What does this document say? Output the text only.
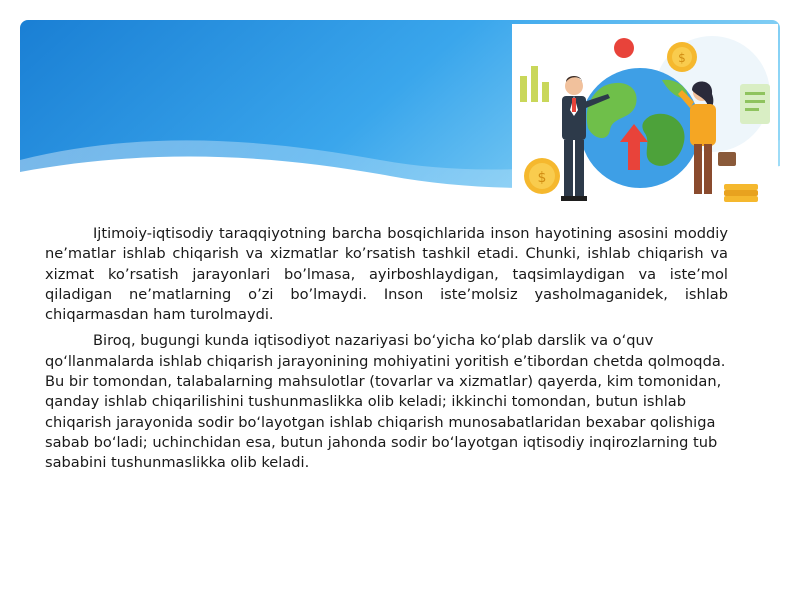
$
$

Ijtimoiy-iqtisodiy taraqqiyotning barcha bosqichlarida inson hayotining asosini moddiy ne’matlar ishlab chiqarish va xizmatlar ko’rsatish tashkil etadi. Chunki, ishlab chiqarish va xizmat ko’rsatish jarayonlari bo’lmasa, ayirboshlaydigan, taqsimlaydigan va iste’mol qiladigan ne’matlarning o’zi bo’lmaydi. Inson iste’molsiz yasholmaganidek, ishlab chiqarmasdan ham turolmaydi.

Biroq, bugungi kunda iqtisodiyot nazariyasi bo‘yicha ko‘plab darslik va o‘quv qo‘llanmalarda ishlab chiqarish jarayonining mohiyatini yoritish e’tibordan chetda qolmoqda. Bu bir tomondan, talabalarning mahsulotlar (tovarlar va xizmatlar) qayerda, kim tomonidan, qanday ishlab chiqarilishini tushunmaslikka olib keladi; ikkinchi tomondan, butun ishlab chiqarish jarayonida sodir bo‘layotgan ishlab chiqarish munosabatlaridan bexabar qolishiga sabab bo‘ladi; uchinchidan esa, butun jahonda sodir bo‘layotgan iqtisodiy inqirozlarning tub sababini tushunmaslikka olib keladi.
